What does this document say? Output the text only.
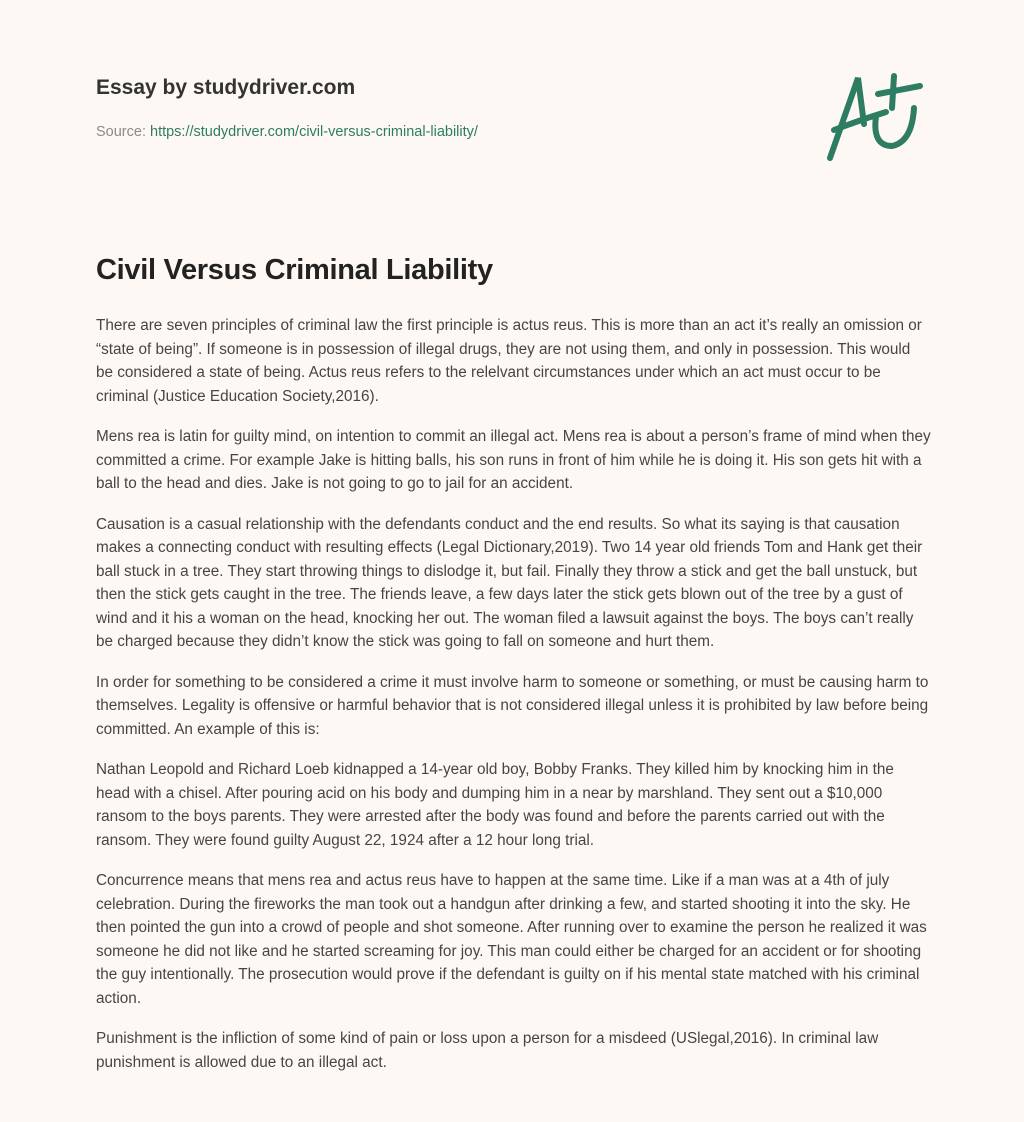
Essay by studydriver.com
Source: https://studydriver.com/civil-versus-criminal-liability/
Civil Versus Criminal Liability

There are seven principles of criminal law the first principle is actus reus. This is more than an act it’s really an omission or “state of being”. If someone is in possession of illegal drugs, they are not using them, and only in possession. This would be considered a state of being. Actus reus refers to the relelvant circumstances under which an act must occur to be criminal (Justice Education Society,2016).

Mens rea is latin for guilty mind, on intention to commit an illegal act. Mens rea is about a person’s frame of mind when they committed a crime. For example Jake is hitting balls, his son runs in front of him while he is doing it. His son gets hit with a ball to the head and dies. Jake is not going to go to jail for an accident.

Causation is a casual relationship with the defendants conduct and the end results. So what its saying is that causation makes a connecting conduct with resulting effects (Legal Dictionary,2019). Two 14 year old friends Tom and Hank get their ball stuck in a tree. They start throwing things to dislodge it, but fail. Finally they throw a stick and get the ball unstuck, but then the stick gets caught in the tree. The friends leave, a few days later the stick gets blown out of the tree by a gust of wind and it his a woman on the head, knocking her out. The woman filed a lawsuit against the boys. The boys can’t really be charged because they didn’t know the stick was going to fall on someone and hurt them.

In order for something to be considered a crime it must involve harm to someone or something, or must be causing harm to themselves. Legality is offensive or harmful behavior that is not considered illegal unless it is prohibited by law before being committed. An example of this is:

Nathan Leopold and Richard Loeb kidnapped a 14-year old boy, Bobby Franks. They killed him by knocking him in the head with a chisel. After pouring acid on his body and dumping him in a near by marshland. They sent out a $10,000 ransom to the boys parents. They were arrested after the body was found and before the parents carried out with the ransom. They were found guilty August 22, 1924 after a 12 hour long trial.

Concurrence means that mens rea and actus reus have to happen at the same time. Like if a man was at a 4th of july celebration. During the fireworks the man took out a handgun after drinking a few, and started shooting it into the sky. He then pointed the gun into a crowd of people and shot someone. After running over to examine the person he realized it was someone he did not like and he started screaming for joy. This man could either be charged for an accident or for shooting the guy intentionally. The prosecution would prove if the defendant is guilty on if his mental state matched with his criminal action.

Punishment is the infliction of some kind of pain or loss upon a person for a misdeed (USlegal,2016). In criminal law punishment is allowed due to an illegal act.
